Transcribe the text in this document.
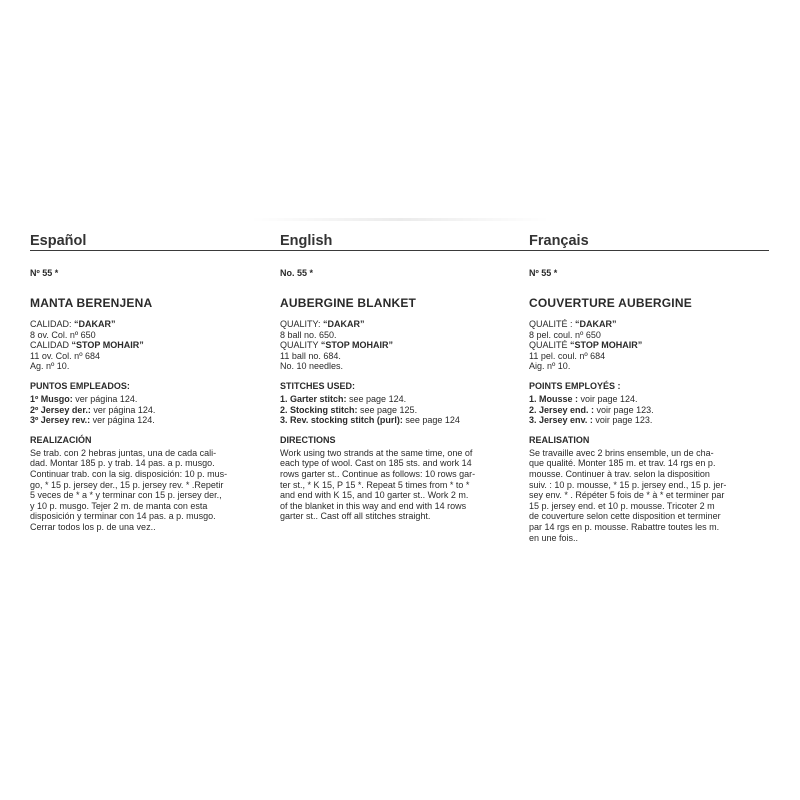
Español
Nº 55 *
MANTA BERENJENA
CALIDAD: “DAKAR”
8 ov. Col. nº 650
CALIDAD “STOP MOHAIR”
11 ov. Col. nº 684
Ag. nº 10.
PUNTOS EMPLEADOS:
1º Musgo: ver página 124.
2º Jersey der.: ver página 124.
3º Jersey rev.: ver página 124.
REALIZACIÓN
Se trab. con 2 hebras juntas, una de cada cali-
dad. Montar 185 p. y trab. 14 pas. a p. musgo.
Continuar trab. con la sig. disposición: 10 p. mus-
go, * 15 p. jersey der., 15 p. jersey rev. * .Repetir
5 veces de * a * y terminar con 15 p. jersey der.,
y 10 p. musgo. Tejer 2 m. de manta con esta
disposición y terminar con 14 pas. a p. musgo.
Cerrar todos los p. de una vez..
English
No. 55 *
AUBERGINE BLANKET
QUALITY: “DAKAR”
8 ball no. 650.
QUALITY “STOP MOHAIR”
11 ball no. 684.
No. 10 needles.
STITCHES USED:
1. Garter stitch: see page 124.
2. Stocking stitch: see page 125.
3. Rev. stocking stitch (purl): see page 124
DIRECTIONS
Work using two strands at the same time, one of
each type of wool. Cast on 185 sts. and work 14
rows garter st.. Continue as follows: 10 rows gar-
ter st., * K 15, P 15 *. Repeat 5 times from * to *
and end with K 15, and 10 garter st.. Work 2 m.
of the blanket in this way and end with 14 rows
garter st.. Cast off all stitches straight.
Français
Nº 55 *
COUVERTURE AUBERGINE
QUALITÉ : “DAKAR”
8 pel. coul. nº 650
QUALITÉ “STOP MOHAIR”
11 pel. coul. nº 684
Aig. nº 10.
POINTS EMPLOYÉS :
1. Mousse : voir page 124.
2. Jersey end. : voir page 123.
3. Jersey env. : voir page 123.
REALISATION
Se travaille avec 2 brins ensemble, un de cha-
que qualité. Monter 185 m. et trav. 14 rgs en p.
mousse. Continuer à trav. selon la disposition
suiv. : 10 p. mousse, * 15 p. jersey end., 15 p. jer-
sey env. * . Répéter 5 fois de * à * et terminer par
15 p. jersey end. et 10 p. mousse. Tricoter 2 m
de couverture selon cette disposition et terminer
par 14 rgs en p. mousse. Rabattre toutes les m.
en une fois..
